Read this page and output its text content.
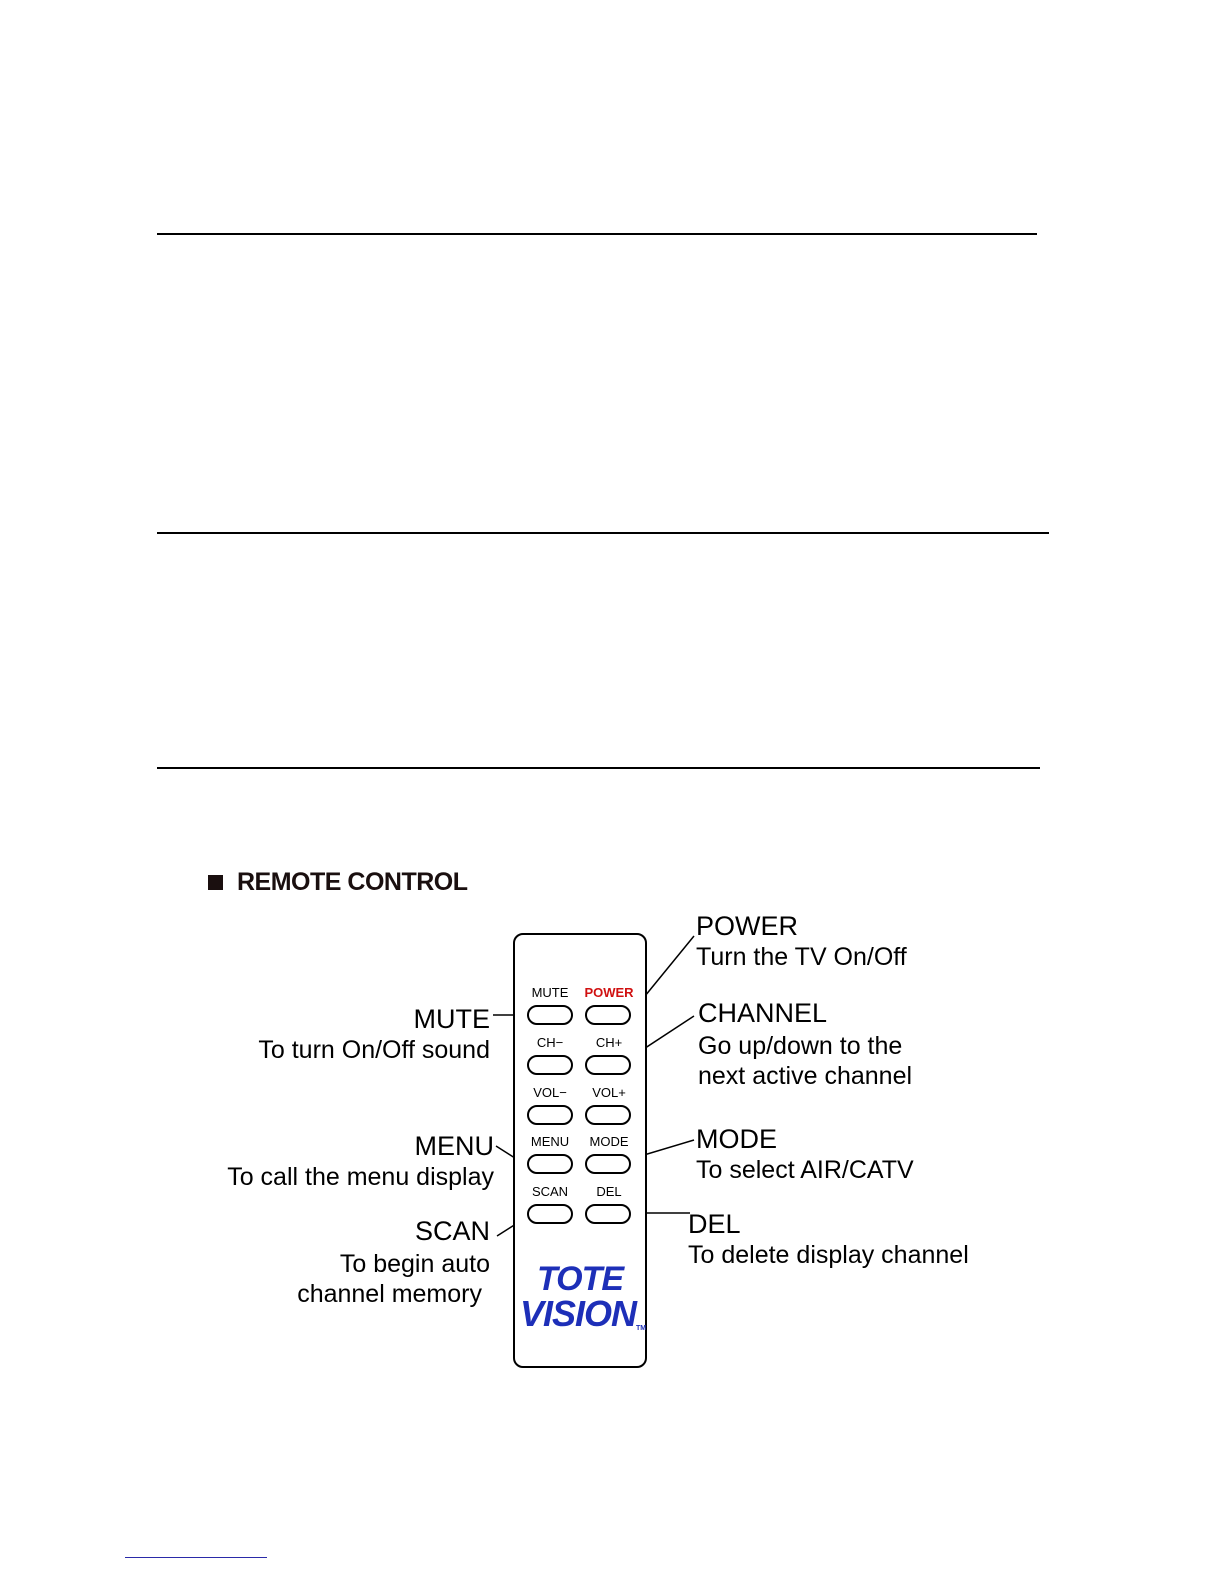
REMOTE CONTROL
MUTE	POWER
CH−	CH+
VOL−	VOL+
MENU	MODE
SCAN	DEL
TOTE
VISIONTM
POWER
Turn the TV On/Off
CHANNEL
Go up/down to the
next active channel
MODE
To select AIR/CATV
DEL
To delete display channel
MUTE
To turn On/Off sound
MENU
To call the menu display
SCAN
To begin auto
channel memory
